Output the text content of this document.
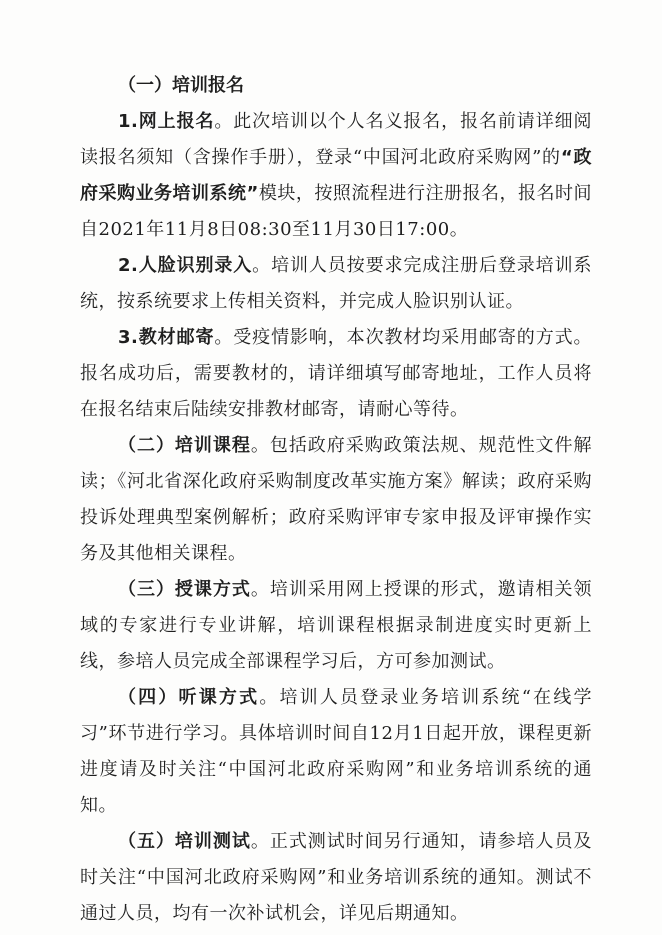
（一）培训报名

1.网上报名。此次培训以个人名义报名，报名前请详细阅读报名须知（含操作手册），登录“中国河北政府采购网”的“政府采购业务培训系统”模块，按照流程进行注册报名，报名时间自2021年11月8日08:30至11月30日17:00。

2.人脸识别录入。培训人员按要求完成注册后登录培训系统，按系统要求上传相关资料，并完成人脸识别认证。

3.教材邮寄。受疫情影响，本次教材均采用邮寄的方式。报名成功后，需要教材的，请详细填写邮寄地址，工作人员将在报名结束后陆续安排教材邮寄，请耐心等待。

（二）培训课程。包括政府采购政策法规、规范性文件解读；《河北省深化政府采购制度改革实施方案》解读；政府采购投诉处理典型案例解析；政府采购评审专家申报及评审操作实务及其他相关课程。

（三）授课方式。培训采用网上授课的形式，邀请相关领域的专家进行专业讲解，培训课程根据录制进度实时更新上线，参培人员完成全部课程学习后，方可参加测试。

（四）听课方式。培训人员登录业务培训系统“在线学习”环节进行学习。具体培训时间自12月1日起开放，课程更新进度请及时关注“中国河北政府采购网”和业务培训系统的通知。

（五）培训测试。正式测试时间另行通知，请参培人员及时关注“中国河北政府采购网”和业务培训系统的通知。测试不通过人员，均有一次补试机会，详见后期通知。
